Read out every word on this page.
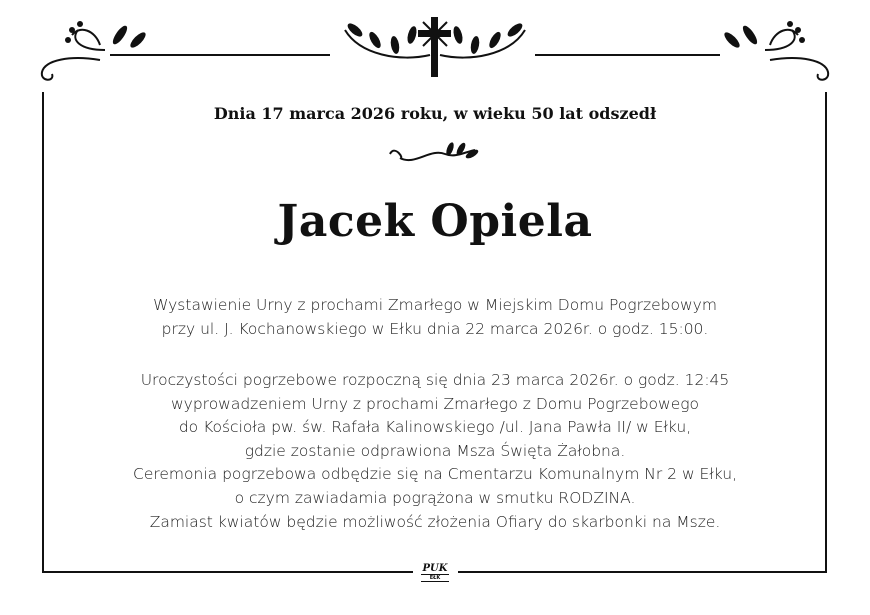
Dnia 17 marca 2026 roku, w wieku 50 lat odszedł
Jacek Opiela
Wystawienie Urny z prochami Zmarłego w Miejskim Domu Pogrzebowym
przy ul. J. Kochanowskiego w Ełku dnia 22 marca 2026r. o godz. 15:00.
Uroczystości pogrzebowe rozpoczną się dnia 23 marca 2026r. o godz. 12:45
wyprowadzeniem Urny z prochami Zmarłego z Domu Pogrzebowego
do Kościoła pw. św. Rafała Kalinowskiego /ul. Jana Pawła II/ w Ełku,
gdzie zostanie odprawiona Msza Święta Żałobna.
Ceremonia pogrzebowa odbędzie się na Cmentarzu Komunalnym Nr 2 w Ełku,
o czym zawiadamia pogrążona w smutku RODZINA.
Zamiast kwiatów będzie możliwość złożenia Ofiary do skarbonki na Msze.
PUK
EŁK
